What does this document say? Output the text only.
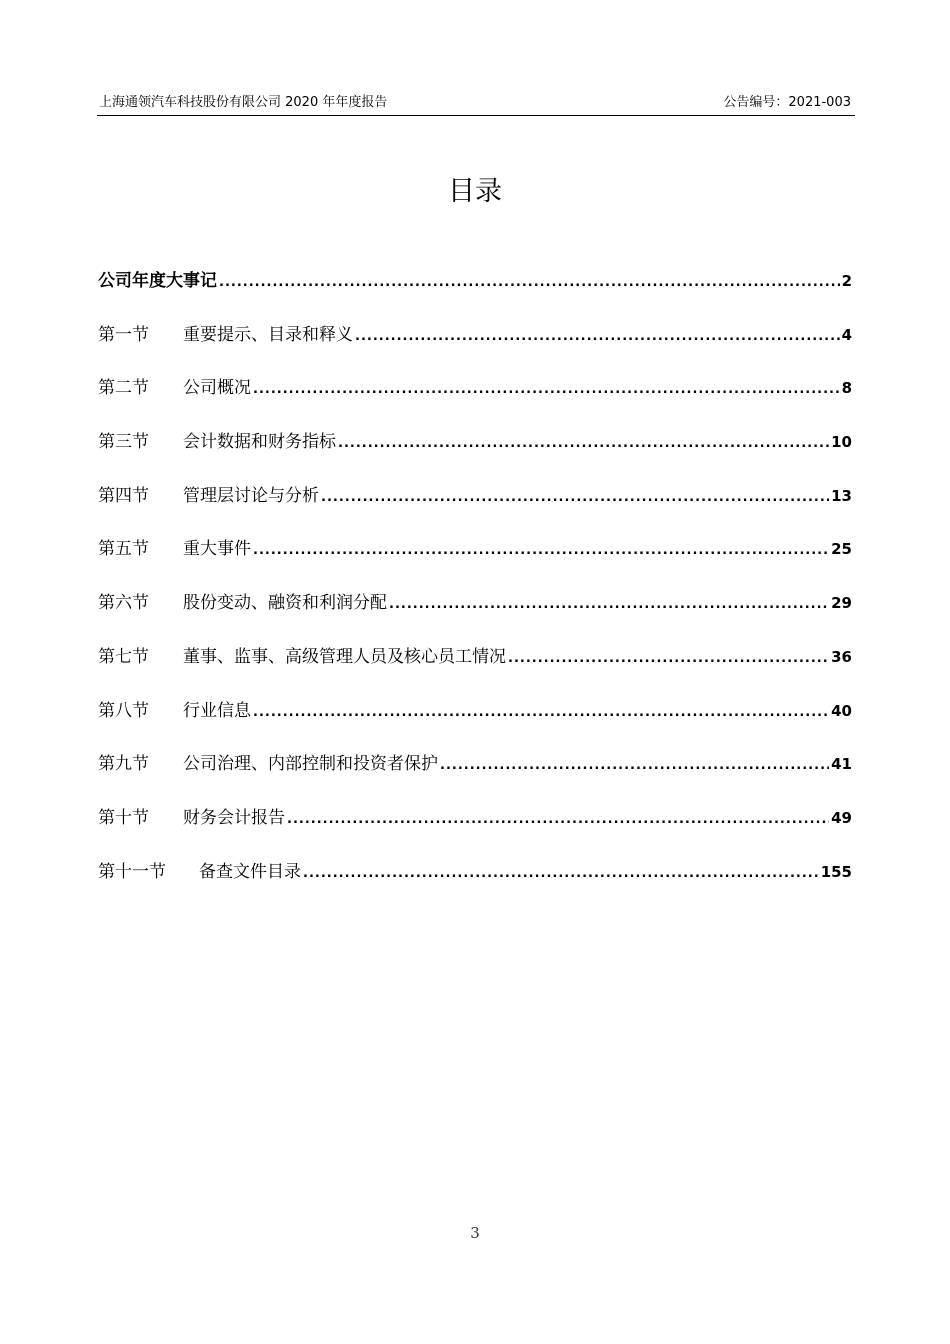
上海通领汽车科技股份有限公司 2020 年年度报告	公告编号：2021-003
目录
公司年度大事记 .....	2
第一节 重要提示、目录和释义 .....	4
第二节 公司概况 .....	8
第三节 会计数据和财务指标 .....	10
第四节 管理层讨论与分析 .....	13
第五节 重大事件 .....	25
第六节 股份变动、融资和利润分配 .....	29
第七节 董事、监事、高级管理人员及核心员工情况 .....	36
第八节 行业信息 .....	40
第九节 公司治理、内部控制和投资者保护 .....	41
第十节 财务会计报告 .....	49
第十一节 备查文件目录 .....	155
3
